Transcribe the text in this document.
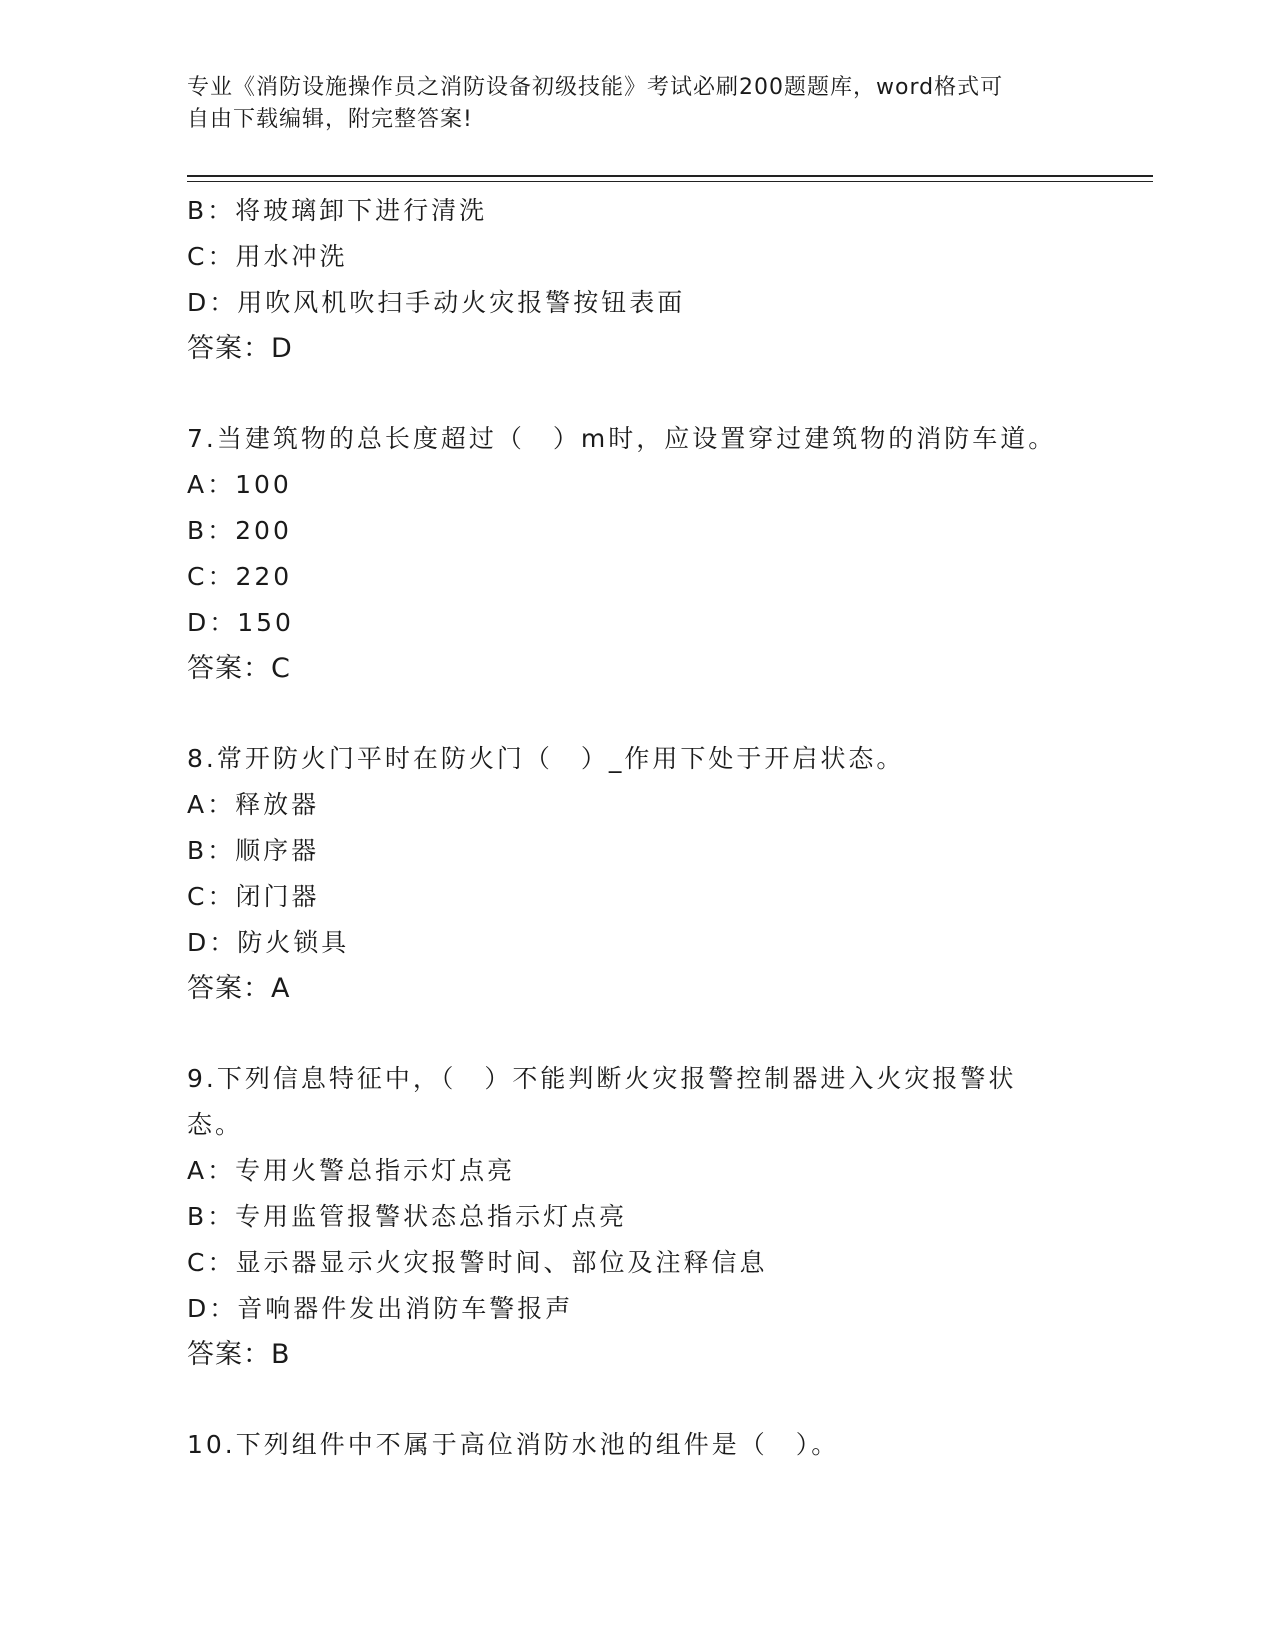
专业《消防设施操作员之消防设备初级技能》考试必刷200题题库，word格式可
自由下载编辑，附完整答案!
B：将玻璃卸下进行清洗
C：用水冲洗
D：用吹风机吹扫手动火灾报警按钮表面
答案：D
7.当建筑物的总长度超过（　）m时，应设置穿过建筑物的消防车道。
A：100
B：200
C：220
D：150
答案：C
8.常开防火门平时在防火门（　）_作用下处于开启状态。
A：释放器
B：顺序器
C：闭门器
D：防火锁具
答案：A
9.下列信息特征中，（　）不能判断火灾报警控制器进入火灾报警状
态。
A：专用火警总指示灯点亮
B：专用监管报警状态总指示灯点亮
C：显示器显示火灾报警时间、部位及注释信息
D：音响器件发出消防车警报声
答案：B
10.下列组件中不属于高位消防水池的组件是（　）。
